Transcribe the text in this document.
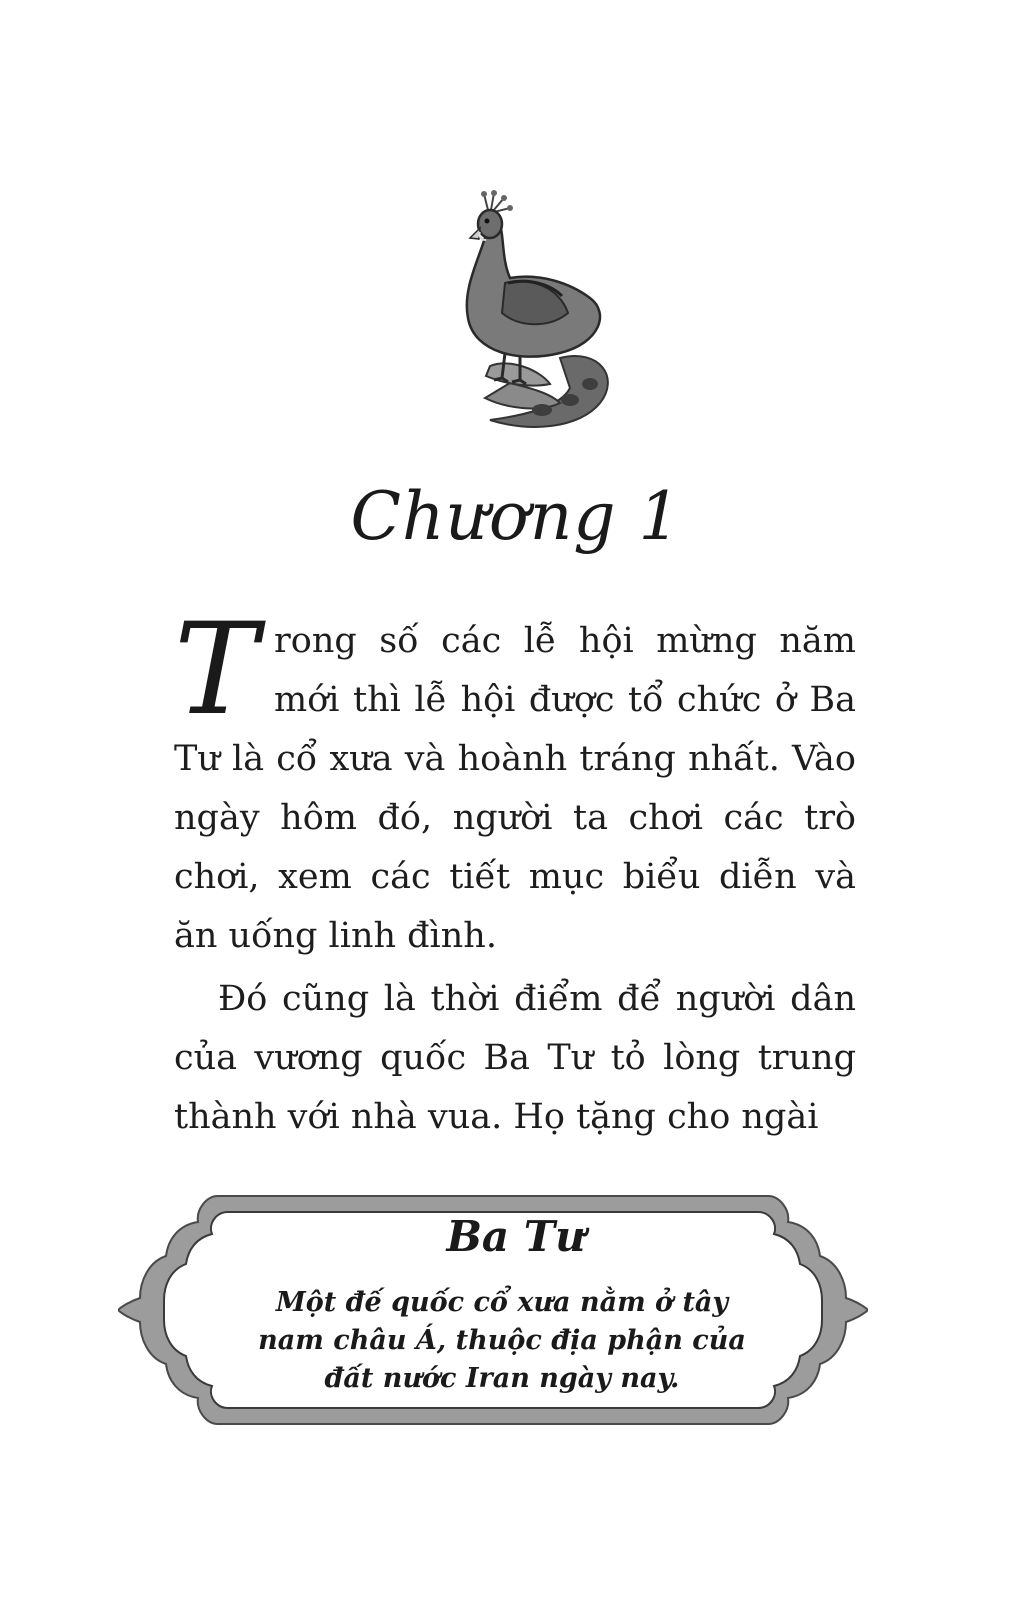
Chương 1
T rong số các lễ hội mừng năm mới thì lễ hội được tổ chức ở Ba Tư là cổ xưa và hoành tráng nhất. Vào ngày hôm đó, người ta chơi các trò chơi, xem các tiết mục biểu diễn và ăn uống linh đình.
Đó cũng là thời điểm để người dân của vương quốc Ba Tư tỏ lòng trung thành với nhà vua. Họ tặng cho ngài
Ba Tư

Một đế quốc cổ xưa nằm ở tây nam châu Á, thuộc địa phận của đất nước Iran ngày nay.
